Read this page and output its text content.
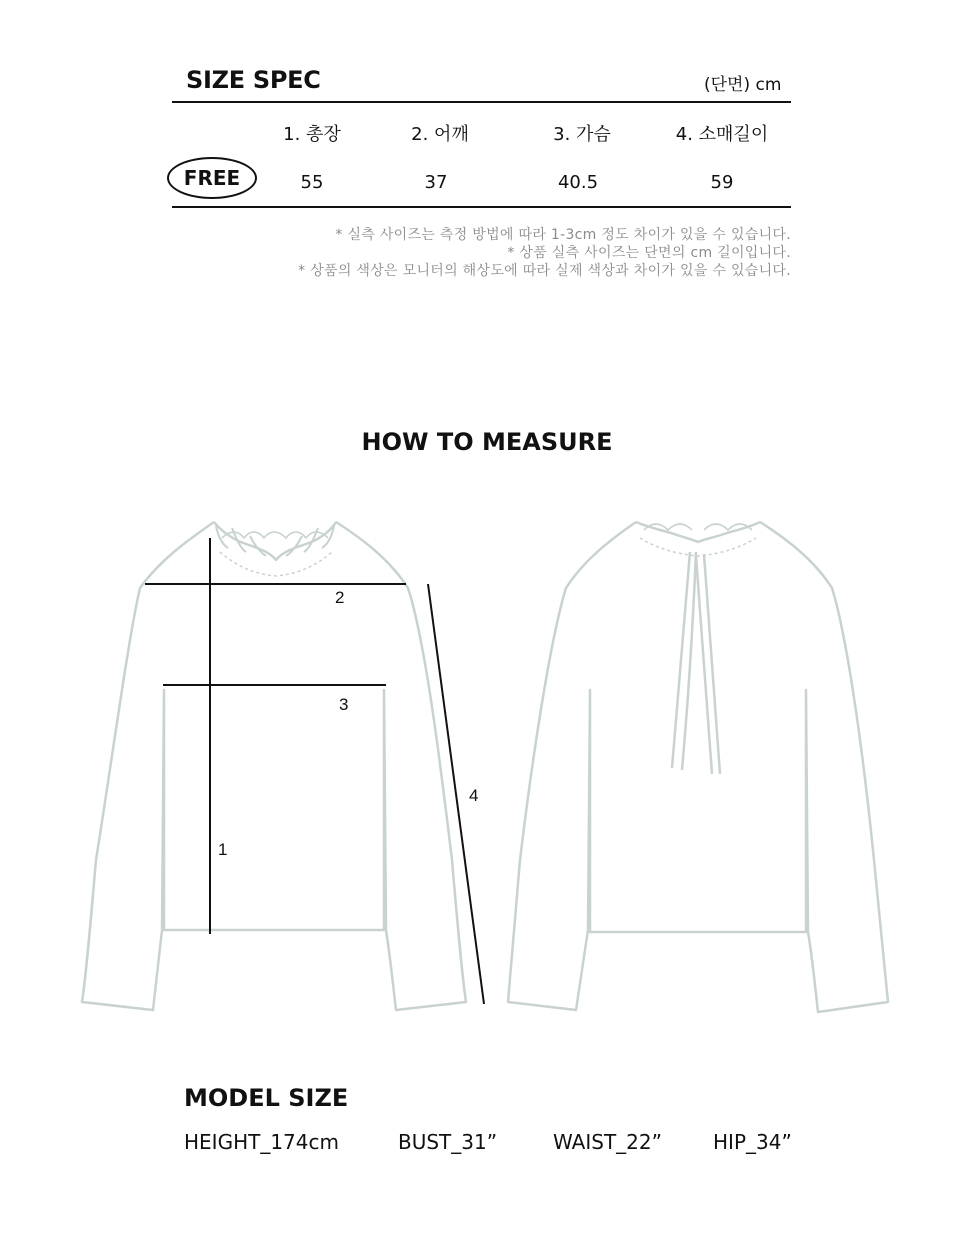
SIZE SPEC	(단면) cm
1. 총장	2. 어깨	3. 가슴	4. 소매길이
FREE	55	37	40.5	59
* 실측 사이즈는 측정 방법에 따라 1-3cm 정도 차이가 있을 수 있습니다.
* 상품 실측 사이즈는 단면의 cm 길이입니다.
* 상품의 색상은 모니터의 해상도에 따라 실제 색상과 차이가 있을 수 있습니다.
HOW TO MEASURE
1
2
3
4
MODEL SIZE
HEIGHT_174cm	BUST_31”	WAIST_22”	HIP_34”
